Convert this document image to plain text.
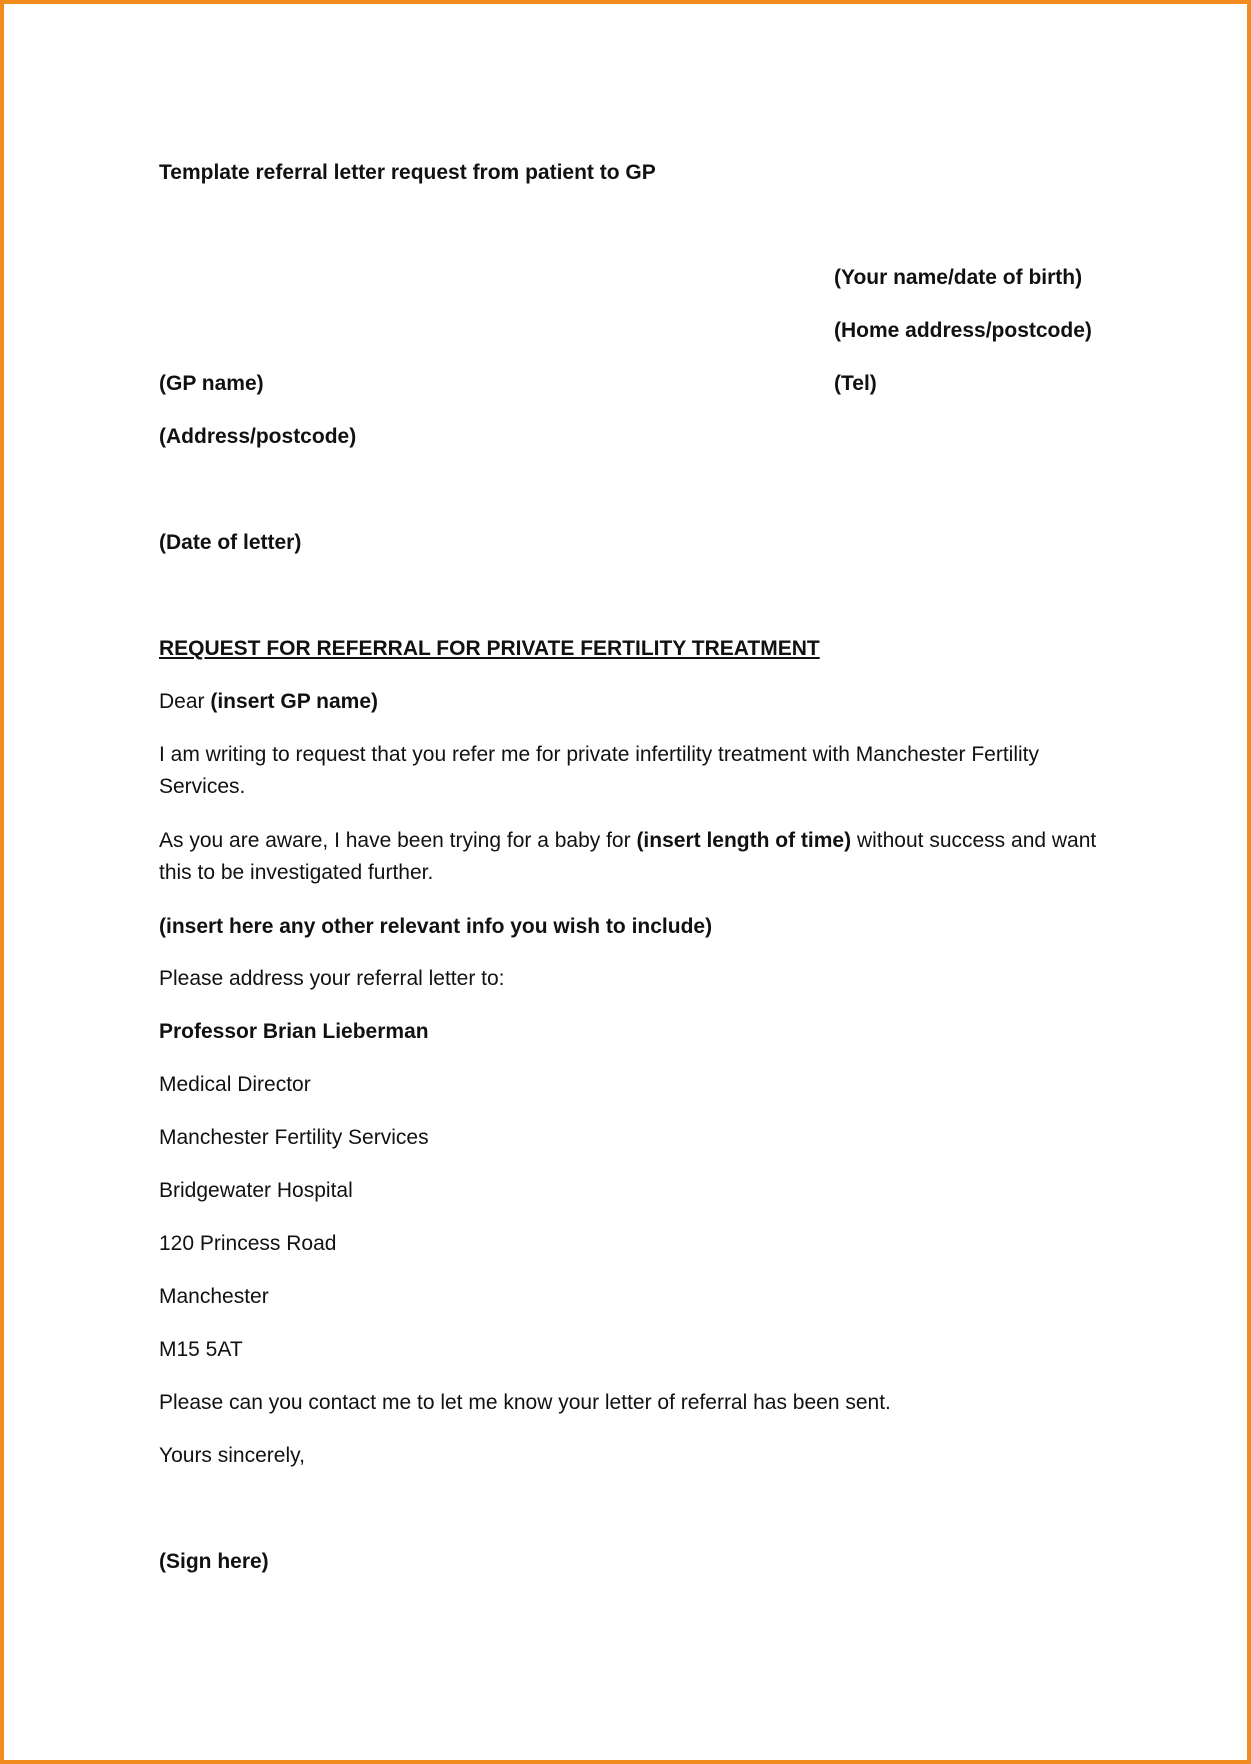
Template referral letter request from patient to GP
(Your name/date of birth)
(Home address/postcode)
(Tel)
(GP name)
(Address/postcode)
(Date of letter)
REQUEST FOR REFERRAL FOR PRIVATE FERTILITY TREATMENT
Dear (insert GP name)
I am writing to request that you refer me for private infertility treatment with Manchester Fertility Services.
As you are aware, I have been trying for a baby for (insert length of time) without success and want this to be investigated further.
(insert here any other relevant info you wish to include)
Please address your referral letter to:
Professor Brian Lieberman
Medical Director
Manchester Fertility Services
Bridgewater Hospital
120 Princess Road
Manchester
M15 5AT
Please can you contact me to let me know your letter of referral has been sent.
Yours sincerely,
(Sign here)
